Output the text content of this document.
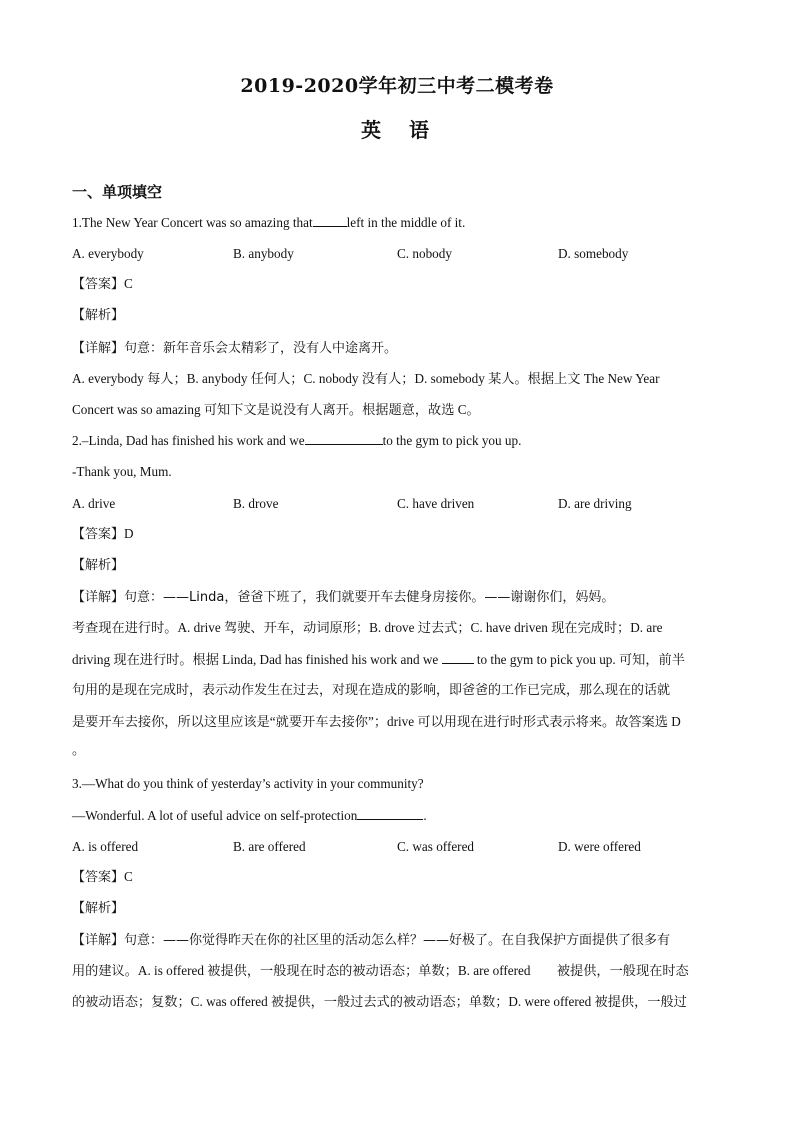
2019-2020学年初三中考二模考卷
英　语
一、单项填空
1.The New Year Concert was so amazing that	left in the middle of it.
A. everybody	B. anybody	C. nobody	D. somebody
【答案】C
【解析】
【详解】句意：新年音乐会太精彩了，没有人中途离开。
A. everybody 每人；B. anybody 任何人；C. nobody 没有人；D. somebody 某人。根据上文 The New Year
Concert was so amazing 可知下文是说没有人离开。根据题意，故选 C。
2.–Linda, Dad has finished his work and we	to the gym to pick you up.
-Thank you, Mum.
A. drive	B. drove	C. have driven	D. are driving
【答案】D
【解析】
【详解】句意：——Linda，爸爸下班了，我们就要开车去健身房接你。——谢谢你们，妈妈。
考查现在进行时。A. drive 驾驶、开车，动词原形；B. drove 过去式；C. have driven 现在完成时；D. are
driving 现在进行时。根据 Linda, Dad has finished his work and we	to the gym to pick you up. 可知，前半
句用的是现在完成时，表示动作发生在过去，对现在造成的影响，即爸爸的工作已完成，那么现在的话就
是要开车去接你，所以这里应该是“就要开车去接你”；drive 可以用现在进行时形式表示将来。故答案选 D
。
3.—What do you think of yesterday’s activity in your community?
—Wonderful. A lot of useful advice on self-protection	.
A. is offered	B. are offered	C. was offered	D. were offered
【答案】C
【解析】
【详解】句意：——你觉得昨天在你的社区里的活动怎么样？——好极了。在自我保护方面提供了很多有
用的建议。A. is offered 被提供，一般现在时态的被动语态；单数；B. are offered　　被提供，一般现在时态
的被动语态；复数；C. was offered 被提供，一般过去式的被动语态；单数；D. were offered 被提供，一般过
